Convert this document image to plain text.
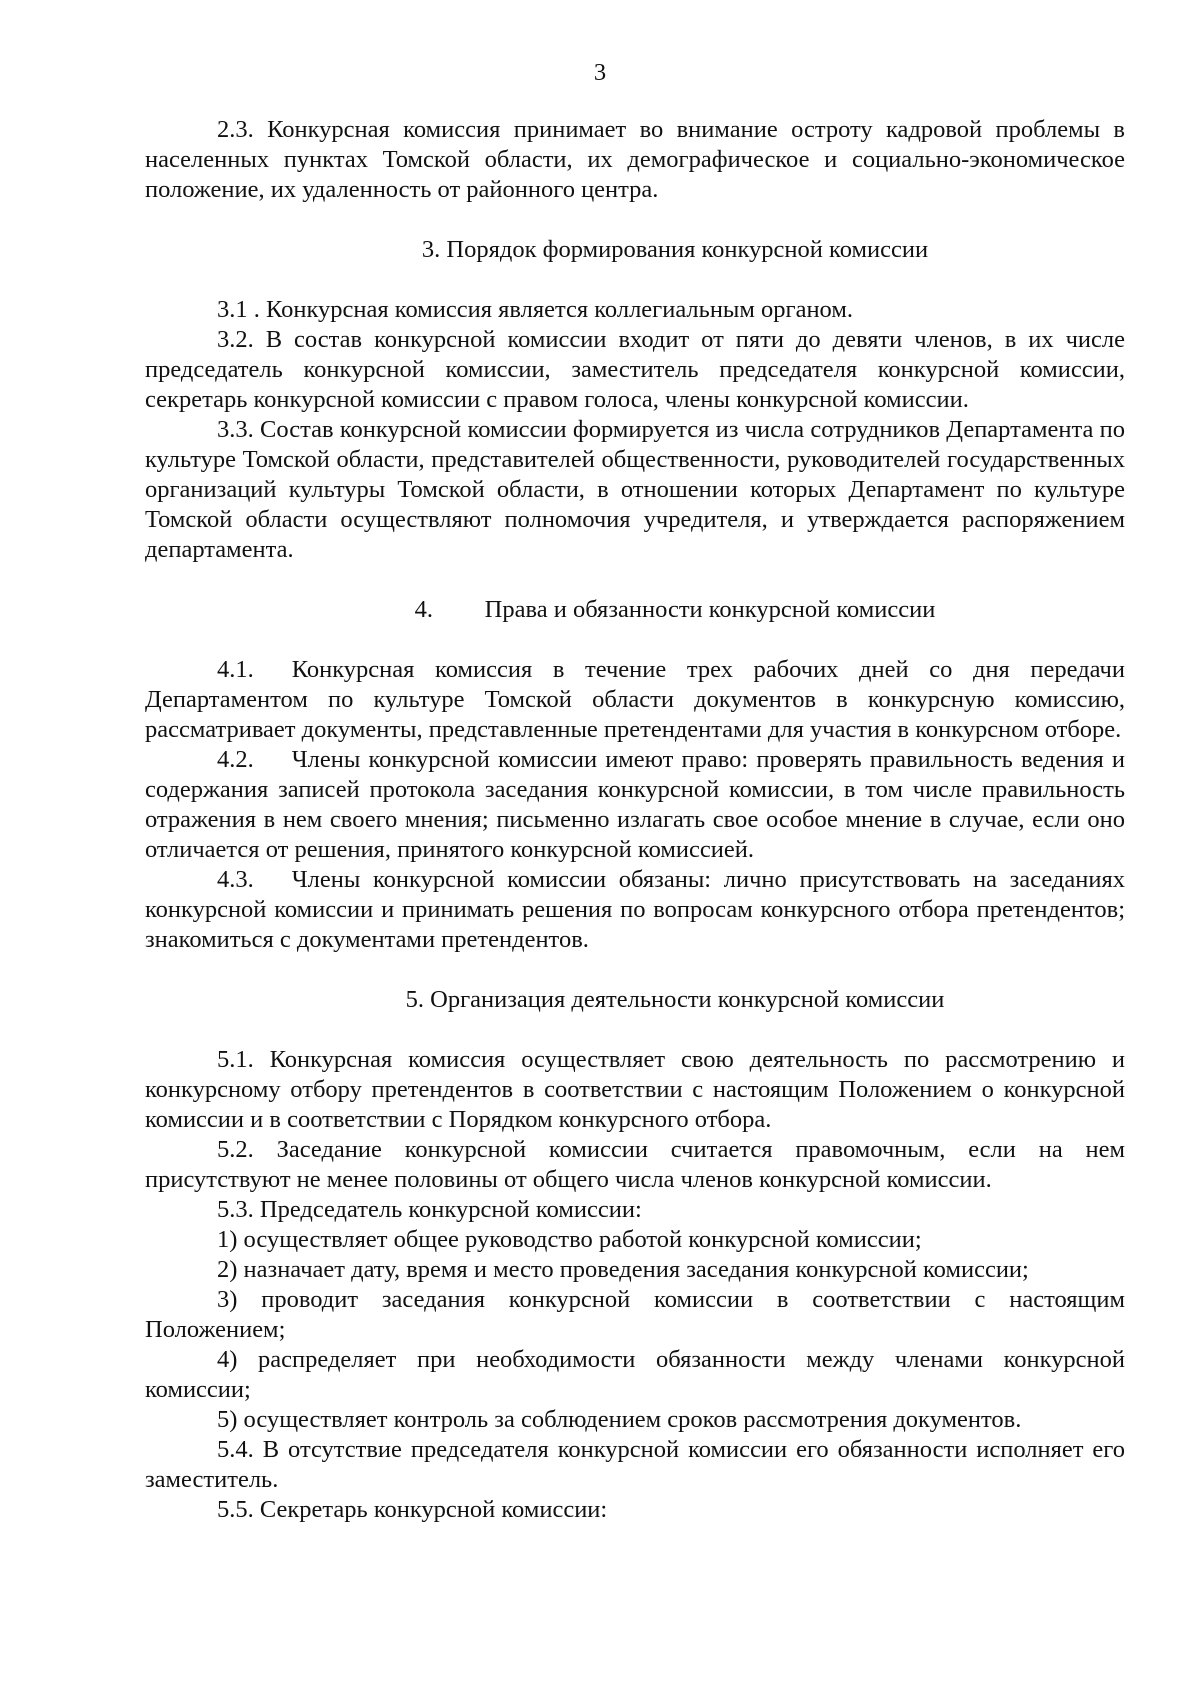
3

2.3. Конкурсная комиссия принимает во внимание остроту кадровой проблемы в населенных пунктах Томской области, их демографическое и социально-экономическое положение, их удаленность от районного центра.

3. Порядок формирования конкурсной комиссии

3.1 . Конкурсная комиссия является коллегиальным органом.

3.2. В состав конкурсной комиссии входит от пяти до девяти членов, в их числе председатель конкурсной комиссии, заместитель председателя конкурсной комиссии, секретарь конкурсной комиссии с правом голоса, члены конкурсной комиссии.

3.3. Состав конкурсной комиссии формируется из числа сотрудников Департамента по культуре Томской области, представителей общественности, руководителей государственных организаций культуры Томской области, в отношении которых Департамент по культуре Томской области осуществляют полномочия учредителя, и утверждается распоряжением департамента.

4. Права и обязанности конкурсной комиссии

4.1. Конкурсная комиссия в течение трех рабочих дней со дня передачи Департаментом по культуре Томской области документов в конкурсную комиссию, рассматривает документы, представленные претендентами для участия в конкурсном отборе.

4.2. Члены конкурсной комиссии имеют право: проверять правильность ведения и содержания записей протокола заседания конкурсной комиссии, в том числе правильность отражения в нем своего мнения; письменно излагать свое особое мнение в случае, если оно отличается от решения, принятого конкурсной комиссией.

4.3. Члены конкурсной комиссии обязаны: лично присутствовать на заседаниях конкурсной комиссии и принимать решения по вопросам конкурсного отбора претендентов; знакомиться с документами претендентов.

5. Организация деятельности конкурсной комиссии

5.1. Конкурсная комиссия осуществляет свою деятельность по рассмотрению и конкурсному отбору претендентов в соответствии с настоящим Положением о конкурсной комиссии и в соответствии с Порядком конкурсного отбора.

5.2. Заседание конкурсной комиссии считается правомочным, если на нем присутствуют не менее половины от общего числа членов конкурсной комиссии.

5.3. Председатель конкурсной комиссии:

1) осуществляет общее руководство работой конкурсной комиссии;

2) назначает дату, время и место проведения заседания конкурсной комиссии;

3) проводит заседания конкурсной комиссии в соответствии с настоящим Положением;

4) распределяет при необходимости обязанности между членами конкурсной комиссии;

5) осуществляет контроль за соблюдением сроков рассмотрения документов.

5.4. В отсутствие председателя конкурсной комиссии его обязанности исполняет его заместитель.

5.5. Секретарь конкурсной комиссии:
